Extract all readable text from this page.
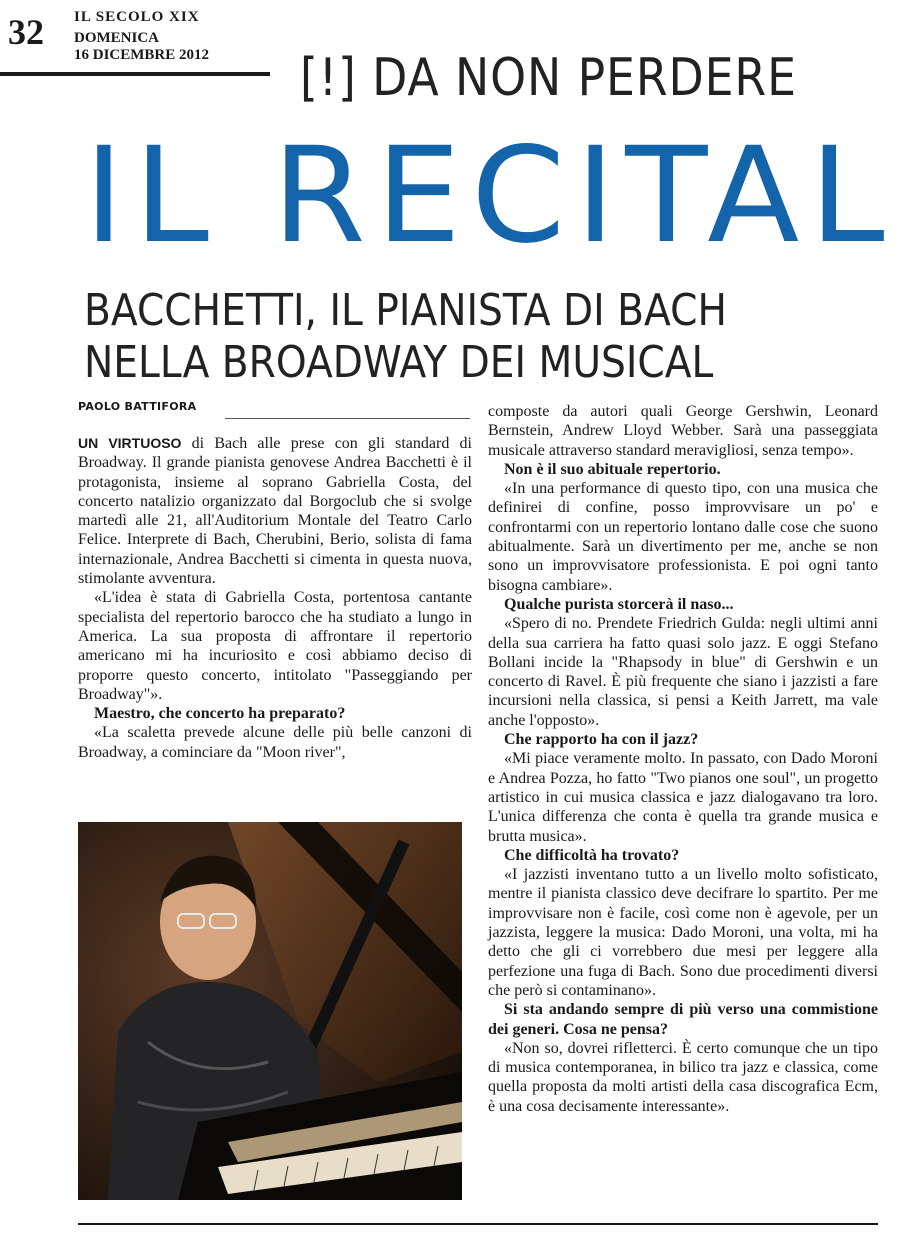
32 IL SECOLO XIX
DOMENICA
16 DICEMBRE 2012 [!] DA NON PERDERE
IL RECITAL
BACCHETTI, IL PIANISTA DI BACH
NELLA BROADWAY DEI MUSICAL
PAOLO BATTIFORA

UN VIRTUOSO di Bach alle prese con gli standard di Broadway. Il grande pianista genovese Andrea Bacchetti è il protagonista, insieme al soprano Gabriella Costa, del concerto natalizio organizzato dal Borgoclub che si svolge martedì alle 21, all'Auditorium Montale del Teatro Carlo Felice. Interprete di Bach, Cherubini, Berio, solista di fama internazionale, Andrea Bacchetti si cimenta in questa nuova, stimolante avventura.

«L'idea è stata di Gabriella Costa, portentosa cantante specialista del repertorio barocco che ha studiato a lungo in America. La sua proposta di affrontare il repertorio americano mi ha incuriosito e così abbiamo deciso di proporre questo concerto, intitolato "Passeggiando per Broadway"».

Maestro, che concerto ha preparato?

«La scaletta prevede alcune delle più belle canzoni di Broadway, a cominciare da "Moon river",

composte da autori quali George Gershwin, Leonard Bernstein, Andrew Lloyd Webber. Sarà una passeggiata musicale attraverso standard meravigliosi, senza tempo».

Non è il suo abituale repertorio.

«In una performance di questo tipo, con una musica che definirei di confine, posso improvvisare un po' e confrontarmi con un repertorio lontano dalle cose che suono abitualmente. Sarà un divertimento per me, anche se non sono un improvvisatore professionista. E poi ogni tanto bisogna cambiare».

Qualche purista storcerà il naso...

«Spero di no. Prendete Friedrich Gulda: negli ultimi anni della sua carriera ha fatto quasi solo jazz. E oggi Stefano Bollani incide la "Rhapsody in blue" di Gershwin e un concerto di Ravel. È più frequente che siano i jazzisti a fare incursioni nella classica, si pensi a Keith Jarrett, ma vale anche l'opposto».

Che rapporto ha con il jazz?

«Mi piace veramente molto. In passato, con Dado Moroni e Andrea Pozza, ho fatto "Two pianos one soul", un progetto artistico in cui musica classica e jazz dialogavano tra loro. L'unica differenza che conta è quella tra grande musica e brutta musica».

Che difficoltà ha trovato?

«I jazzisti inventano tutto a un livello molto sofisticato, mentre il pianista classico deve decifrare lo spartito. Per me improvvisare non è facile, così come non è agevole, per un jazzista, leggere la musica: Dado Moroni, una volta, mi ha detto che gli ci vorrebbero due mesi per leggere alla perfezione una fuga di Bach. Sono due procedimenti diversi che però si contaminano».

Si sta andando sempre di più verso una commistione dei generi. Cosa ne pensa?

«Non so, dovrei rifletterci. È certo comunque che un tipo di musica contemporanea, in bilico tra jazz e classica, come quella proposta da molti artisti della casa discografica Ecm, è una cosa decisamente interessante».
